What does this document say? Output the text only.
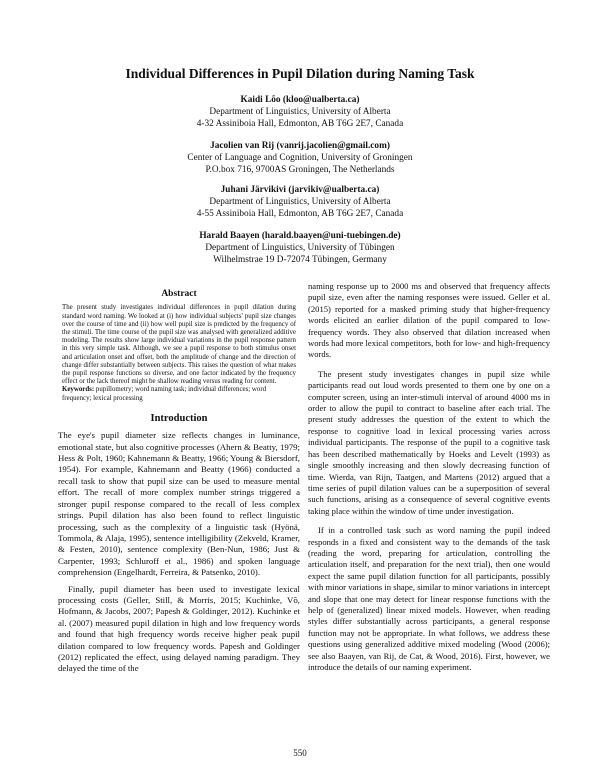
Individual Differences in Pupil Dilation during Naming Task
Kaidi Lõo (kloo@ualberta.ca)
Department of Linguistics, University of Alberta
4-32 Assiniboia Hall, Edmonton, AB T6G 2E7, Canada
Jacolien van Rij (vanrij.jacolien@gmail.com)
Center of Language and Cognition, University of Groningen
P.O.box 716, 9700AS Groningen, The Netherlands
Juhani Järvikivi (jarvikiv@ualberta.ca)
Department of Linguistics, University of Alberta
4-55 Assiniboia Hall, Edmonton, AB T6G 2E7, Canada
Harald Baayen (harald.baayen@uni-tuebingen.de)
Department of Linguistics, University of Tübingen
Wilhelmstrae 19 D-72074 Tübingen, Germany
Abstract

The present study investigates individual differences in pupil dilation during standard word naming. We looked at (i) how individual subjects' pupil size changes over the course of time and (ii) how well pupil size is predicted by the frequency of the stimuli. The time course of the pupil size was analysed with generalized additive modeling. The results show large individual variations in the pupil response pattern in this very simple task. Although, we see a pupil response to both stimulus onset and articulation onset and offset, both the amplitude of change and the direction of change differ substantially between subjects. This raises the question of what makes the pupil response functions so diverse, and one factor indicated by the frequency effect or the lack thereof might be shallow reading versus reading for content.

Keywords: pupillometry; word naming task; individual differences; word frequency; lexical processing

Introduction

The eye's pupil diameter size reflects changes in luminance, emotional state, but also cognitive processes (Ahern & Beatty, 1979; Hess & Polt, 1960; Kahnemann & Beatty, 1966; Young & Biersdorf, 1954). For example, Kahnemann and Beatty (1966) conducted a recall task to show that pupil size can be used to measure mental effort. The recall of more complex number strings triggered a stronger pupil response compared to the recall of less complex strings. Pupil dilation has also been found to reflect linguistic processing, such as the complexity of a linguistic task (Hyönä, Tommola, & Alaja, 1995), sentence intelligibility (Zekveld, Kramer, & Festen, 2010), sentence complexity (Ben-Nun, 1986; Just & Carpenter, 1993; Schluroff et al., 1986) and spoken language comprehension (Engelhardt, Ferreira, & Patsenko, 2010).

Finally, pupil diameter has been used to investigate lexical processing costs (Geller, Still, & Morris, 2015; Kuchinke, Võ, Hofmann, & Jacobs, 2007; Papesh & Goldinger, 2012). Kuchinke et al. (2007) measured pupil dilation in high and low frequency words and found that high frequency words receive higher peak pupil dilation compared to low frequency words. Papesh and Goldinger (2012) replicated the effect, using delayed naming paradigm. They delayed the time of the

naming response up to 2000 ms and observed that frequency affects pupil size, even after the naming responses were issued. Geller et al. (2015) reported for a masked priming study that higher-frequency words elicited an earlier dilation of the pupil compared to low-frequency words. They also observed that dilation increased when words had more lexical competitors, both for low- and high-frequency words.

The present study investigates changes in pupil size while participants read out loud words presented to them one by one on a computer screen, using an inter-stimuli interval of around 4000 ms in order to allow the pupil to contract to baseline after each trial. The present study addresses the question of the extent to which the response to cognitive load in lexical processing varies across individual participants. The response of the pupil to a cognitive task has been described mathematically by Hoeks and Levelt (1993) as single smoothly increasing and then slowly decreasing function of time. Wierda, van Rijn, Taatgen, and Martens (2012) argued that a time series of pupil dilation values can be a superposition of several such functions, arising as a consequence of several cognitive events taking place within the window of time under investigation.

If in a controlled task such as word naming the pupil indeed responds in a fixed and consistent way to the demands of the task (reading the word, preparing for articulation, controlling the articulation itself, and preparation for the next trial), then one would expect the same pupil dilation function for all participants, possibly with minor variations in shape, similar to minor variations in intercept and slope that one may detect for linear response functions with the help of (generalized) linear mixed models. However, when reading styles differ substantially across participants, a general response function may not be appropriate. In what follows, we address these questions using generalized additive mixed modeling (Wood (2006); see also Baayen, van Rij, de Cat, & Wood, 2016). First, however, we introduce the details of our naming experiment.

550
